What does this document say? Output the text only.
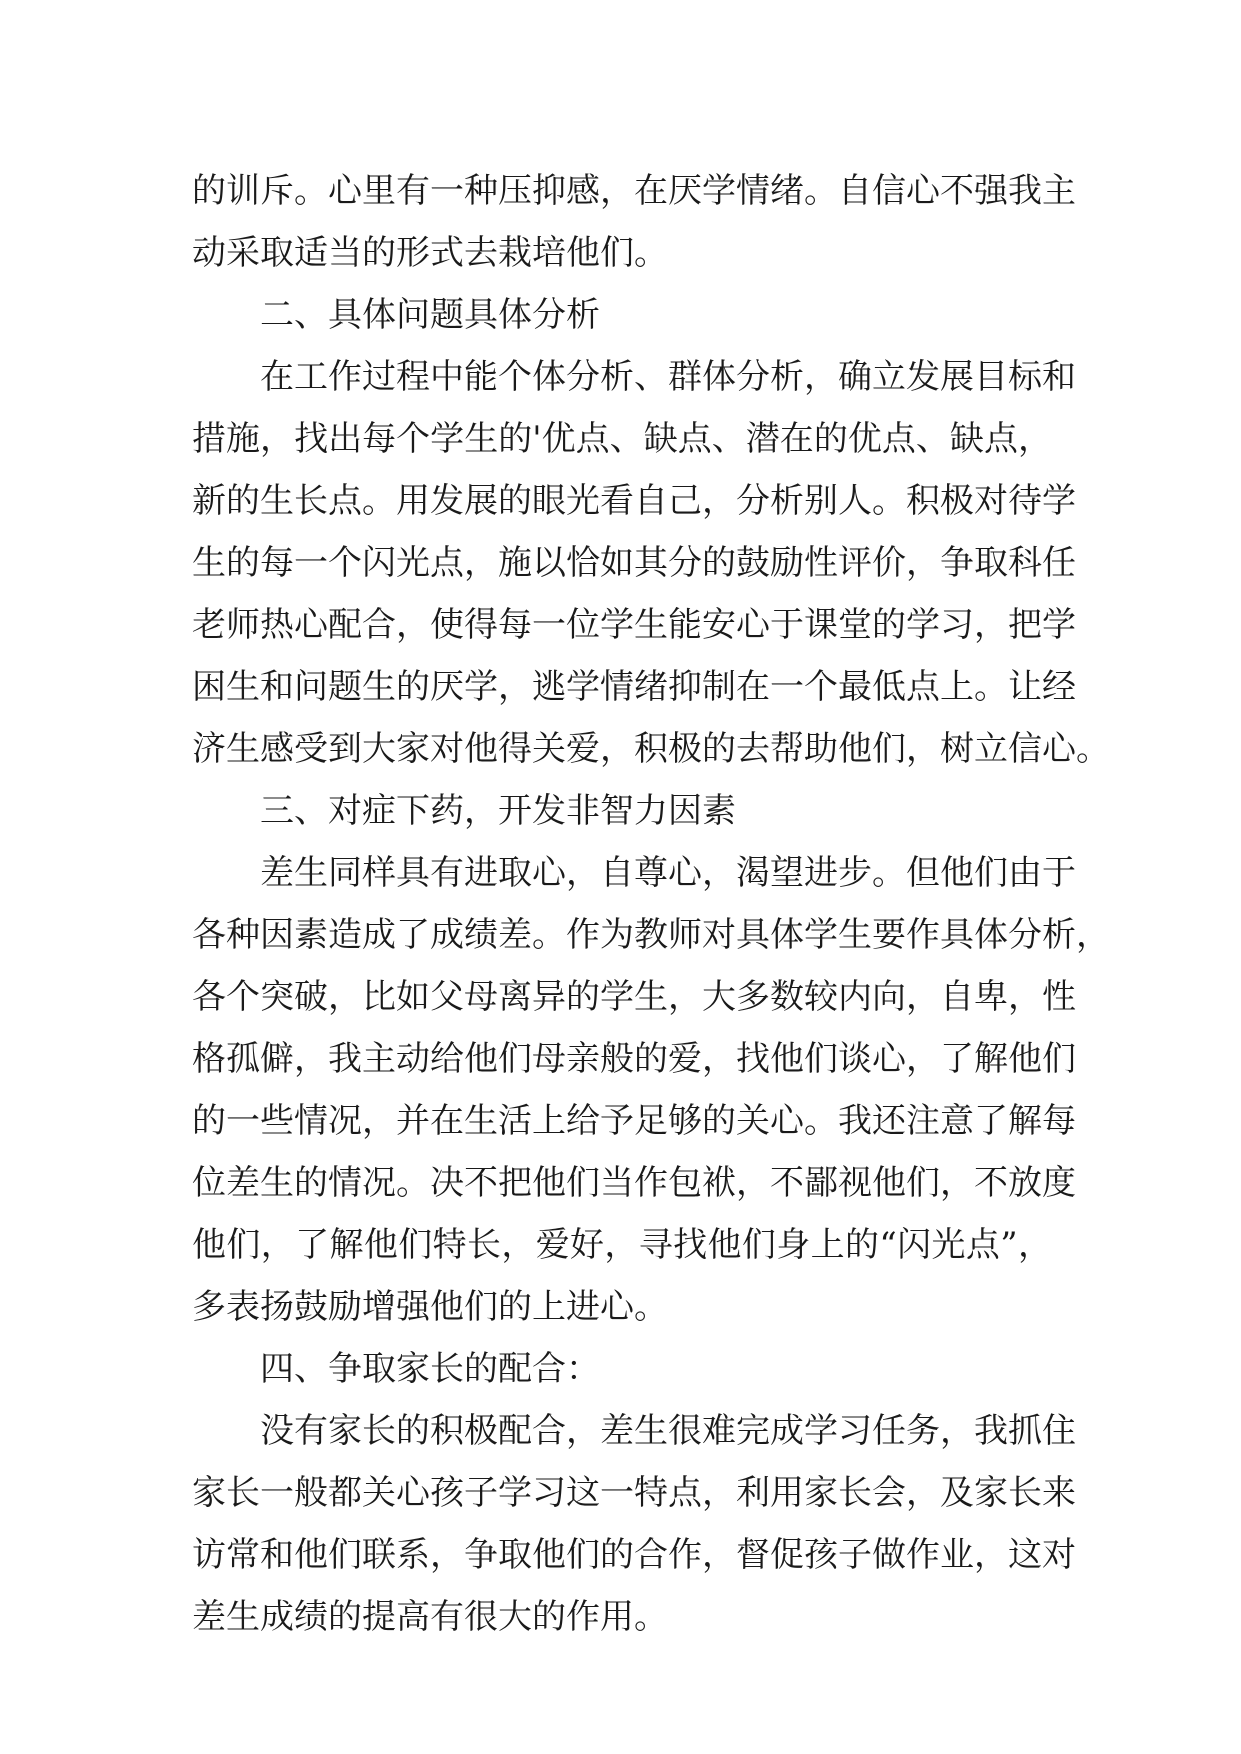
的训斥。心里有一种压抑感，在厌学情绪。自信心不强我主
动采取适当的形式去栽培他们。
二、具体问题具体分析
在工作过程中能个体分析、群体分析，确立发展目标和
措施，找出每个学生的'优点、缺点、潜在的优点、缺点，
新的生长点。用发展的眼光看自己，分析别人。积极对待学
生的每一个闪光点，施以恰如其分的鼓励性评价，争取科任
老师热心配合，使得每一位学生能安心于课堂的学习，把学
困生和问题生的厌学，逃学情绪抑制在一个最低点上。让经
济生感受到大家对他得关爱，积极的去帮助他们，树立信心。
三、对症下药，开发非智力因素
差生同样具有进取心，自尊心，渴望进步。但他们由于
各种因素造成了成绩差。作为教师对具体学生要作具体分析，
各个突破，比如父母离异的学生，大多数较内向，自卑，性
格孤僻，我主动给他们母亲般的爱，找他们谈心，了解他们
的一些情况，并在生活上给予足够的关心。我还注意了解每
位差生的情况。决不把他们当作包袱，不鄙视他们，不放度
他们，了解他们特长，爱好，寻找他们身上的“闪光点”，
多表扬鼓励增强他们的上进心。
四、争取家长的配合：
没有家长的积极配合，差生很难完成学习任务，我抓住
家长一般都关心孩子学习这一特点，利用家长会，及家长来
访常和他们联系，争取他们的合作，督促孩子做作业，这对
差生成绩的提高有很大的作用。
